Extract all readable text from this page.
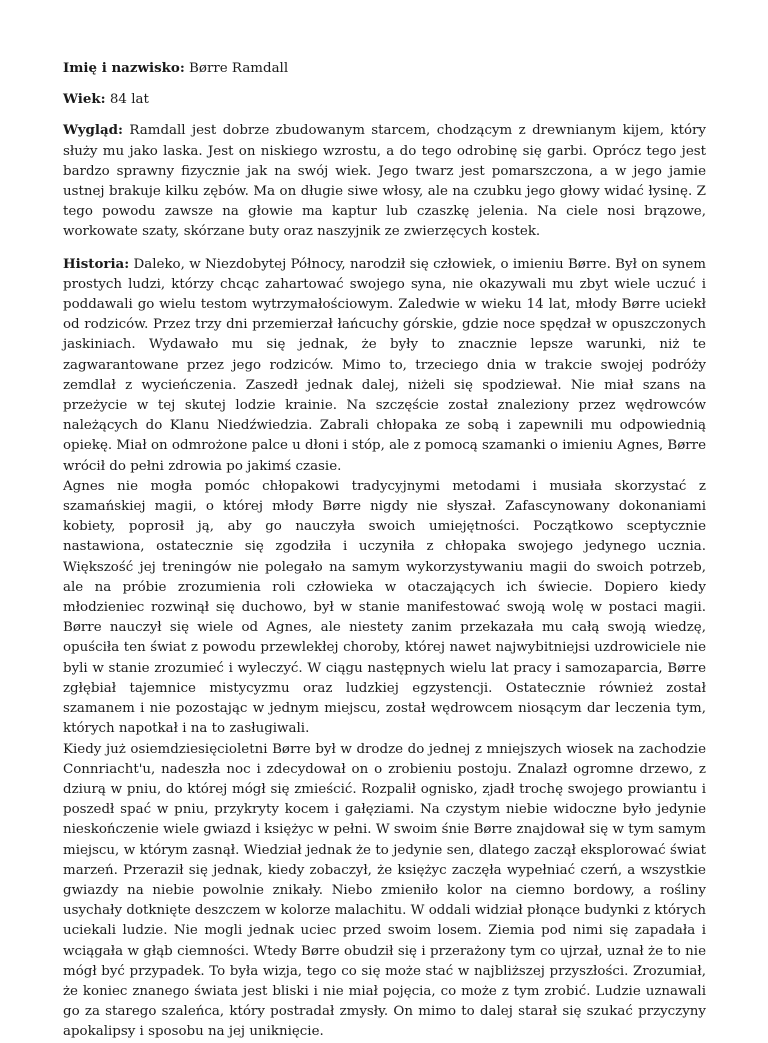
Imię i nazwisko: Børre Ramdall

Wiek: 84 lat

Wygląd: Ramdall jest dobrze zbudowanym starcem, chodzącym z drewnianym kijem, który służy mu jako laska. Jest on niskiego wzrostu, a do tego odrobinę się garbi. Oprócz tego jest bardzo sprawny fizycznie jak na swój wiek. Jego twarz jest pomarszczona, a w jego jamie ustnej brakuje kilku zębów. Ma on długie siwe włosy, ale na czubku jego głowy widać łysinę. Z tego powodu zawsze na głowie ma kaptur lub czaszkę jelenia. Na ciele nosi brązowe, workowate szaty, skórzane buty oraz naszyjnik ze zwierzęcych kostek.

Historia: Daleko, w Niezdobytej Północy, narodził się człowiek, o imieniu Børre. Był on synem prostych ludzi, którzy chcąc zahartować swojego syna, nie okazywali mu zbyt wiele uczuć i poddawali go wielu testom wytrzymałościowym. Zaledwie w wieku 14 lat, młody Børre uciekł od rodziców. Przez trzy dni przemierzał łańcuchy górskie, gdzie noce spędzał w opuszczonych jaskiniach. Wydawało mu się jednak, że były to znacznie lepsze warunki, niż te zagwarantowane przez jego rodziców. Mimo to, trzeciego dnia w trakcie swojej podróży zemdlał z wycieńczenia. Zaszedł jednak dalej, niżeli się spodziewał. Nie miał szans na przeżycie w tej skutej lodzie krainie. Na szczęście został znaleziony przez wędrowców należących do Klanu Niedźwiedzia. Zabrali chłopaka ze sobą i zapewnili mu odpowiednią opiekę. Miał on odmrożone palce u dłoni i stóp, ale z pomocą szamanki o imieniu Agnes, Børre wrócił do pełni zdrowia po jakimś czasie.

Agnes nie mogła pomóc chłopakowi tradycyjnymi metodami i musiała skorzystać z szamańskiej magii, o której młody Børre nigdy nie słyszał. Zafascynowany dokonaniami kobiety, poprosił ją, aby go nauczyła swoich umiejętności. Początkowo sceptycznie nastawiona, ostatecznie się zgodziła i uczyniła z chłopaka swojego jedynego ucznia. Większość jej treningów nie polegało na samym wykorzystywaniu magii do swoich potrzeb, ale na próbie zrozumienia roli człowieka w otaczających ich świecie. Dopiero kiedy młodzieniec rozwinął się duchowo, był w stanie manifestować swoją wolę w postaci magii. Børre nauczył się wiele od Agnes, ale niestety zanim przekazała mu całą swoją wiedzę, opuściła ten świat z powodu przewlekłej choroby, której nawet najwybitniejsi uzdrowiciele nie byli w stanie zrozumieć i wyleczyć. W ciągu następnych wielu lat pracy i samozaparcia, Børre zgłębiał tajemnice mistycyzmu oraz ludzkiej egzystencji. Ostatecznie również został szamanem i nie pozostając w jednym miejscu, został wędrowcem niosącym dar leczenia tym, których napotkał i na to zasługiwali.

Kiedy już osiemdziesięcioletni Børre był w drodze do jednej z mniejszych wiosek na zachodzie Connriacht'u, nadeszła noc i zdecydował on o zrobieniu postoju. Znalazł ogromne drzewo, z dziurą w pniu, do której mógł się zmieścić. Rozpalił ognisko, zjadł trochę swojego prowiantu i poszedł spać w pniu, przykryty kocem i gałęziami. Na czystym niebie widoczne było jedynie nieskończenie wiele gwiazd i księżyc w pełni. W swoim śnie Børre znajdował się w tym samym miejscu, w którym zasnął. Wiedział jednak że to jedynie sen, dlatego zaczął eksplorować świat marzeń. Przeraził się jednak, kiedy zobaczył, że księżyc zaczęła wypełniać czerń, a wszystkie gwiazdy na niebie powolnie znikały. Niebo zmieniło kolor na ciemno bordowy, a rośliny usychały dotknięte deszczem w kolorze malachitu. W oddali widział płonące budynki z których uciekali ludzie. Nie mogli jednak uciec przed swoim losem. Ziemia pod nimi się zapadała i wciągała w głąb ciemności. Wtedy Børre obudził się i przerażony tym co ujrzał, uznał że to nie mógł być przypadek. To była wizja, tego co się może stać w najbliższej przyszłości. Zrozumiał, że koniec znanego świata jest bliski i nie miał pojęcia, co może z tym zrobić. Ludzie uznawali go za starego szaleńca, który postradał zmysły. On mimo to dalej starał się szukać przyczyny apokalipsy i sposobu na jej uniknięcie.
